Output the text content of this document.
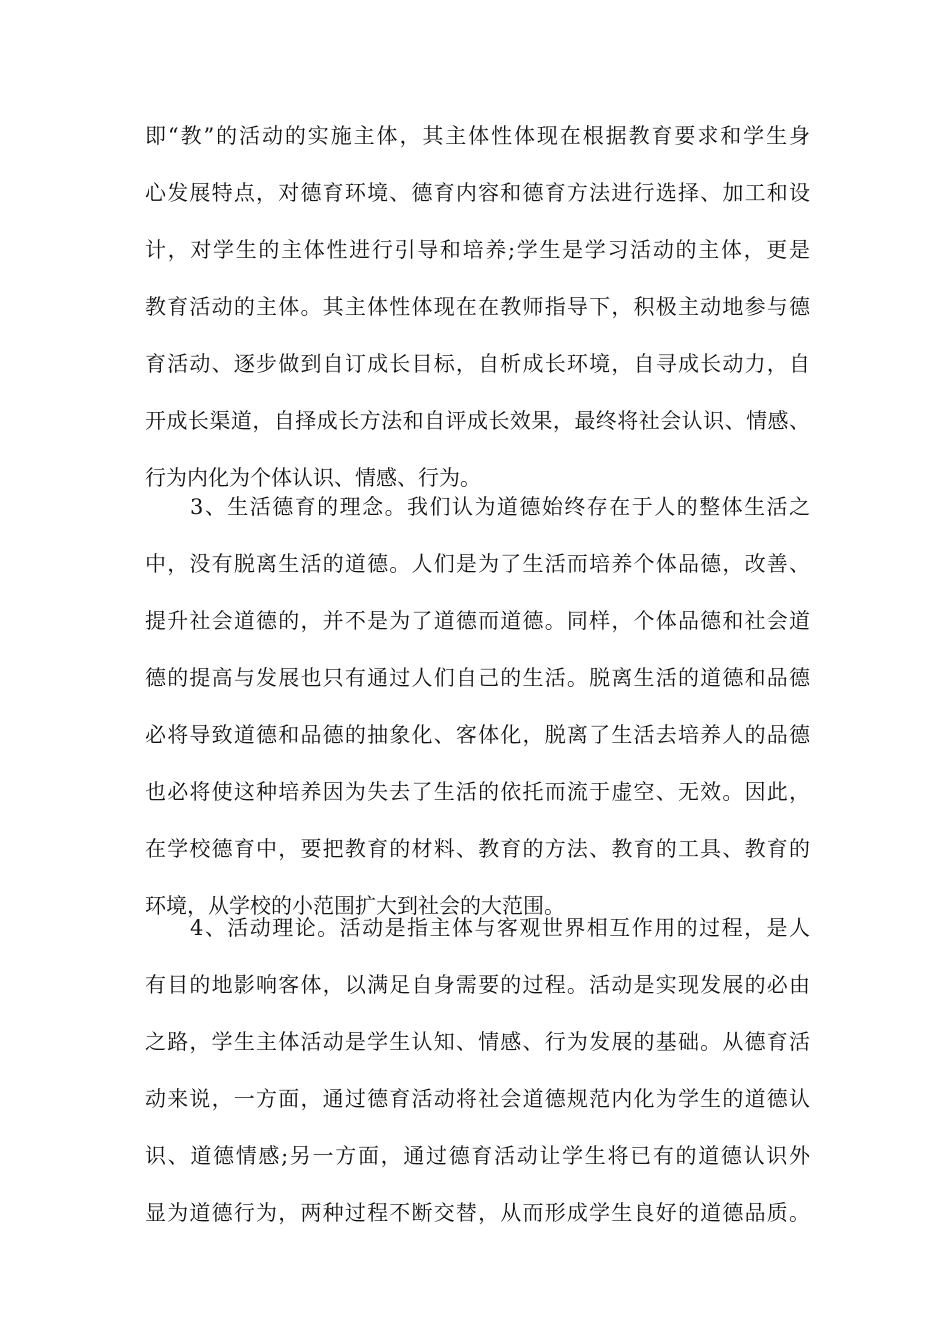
即“教”的活动的实施主体，其主体性体现在根据教育要求和学生身
心发展特点，对德育环境、德育内容和德育方法进行选择、加工和设
计，对学生的主体性进行引导和培养;学生是学习活动的主体，更是
教育活动的主体。其主体性体现在在教师指导下，积极主动地参与德
育活动、逐步做到自订成长目标，自析成长环境，自寻成长动力，自
开成长渠道，自择成长方法和自评成长效果，最终将社会认识、情感、
行为内化为个体认识、情感、行为。
3、生活德育的理念。我们认为道德始终存在于人的整体生活之
中，没有脱离生活的道德。人们是为了生活而培养个体品德，改善、
提升社会道德的，并不是为了道德而道德。同样，个体品德和社会道
德的提高与发展也只有通过人们自己的生活。脱离生活的道德和品德
必将导致道德和品德的抽象化、客体化，脱离了生活去培养人的品德
也必将使这种培养因为失去了生活的依托而流于虚空、无效。因此，
在学校德育中，要把教育的材料、教育的方法、教育的工具、教育的
环境，从学校的小范围扩大到社会的大范围。
4、活动理论。活动是指主体与客观世界相互作用的过程，是人
有目的地影响客体，以满足自身需要的过程。活动是实现发展的必由
之路，学生主体活动是学生认知、情感、行为发展的基础。从德育活
动来说，一方面，通过德育活动将社会道德规范内化为学生的道德认
识、道德情感;另一方面，通过德育活动让学生将已有的道德认识外
显为道德行为，两种过程不断交替，从而形成学生良好的道德品质。
